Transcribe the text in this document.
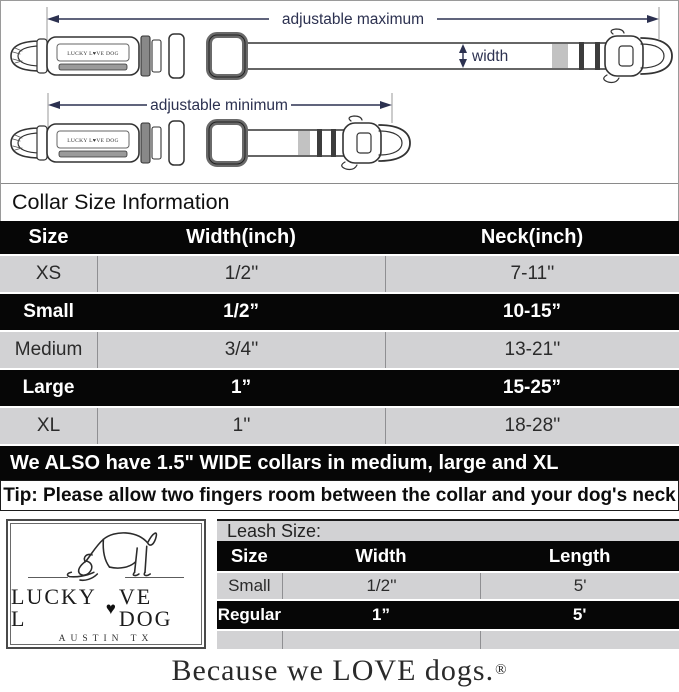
adjustable maximum
LUCKY L♥VE DOG	width
adjustable minimum
LUCKY L♥VE DOG
Collar Size Information
Size	Width(inch)	Neck(inch)
XS	1/2''	7-11''
Small	1/2”	10-15”
Medium	3/4''	13-21''
Large	1”	15-25”
XL	1''	18-28''
We ALSO have 1.5" WIDE collars in medium, large and XL
Tip: Please allow two fingers room between the collar and your dog's neck
LUCKY L	♥ VE DOG
AUSTIN TX
Leash Size:
Size	Width	Length
Small	1/2''	5'
Regular	1”	5'
Because we LOVE dogs. ®
